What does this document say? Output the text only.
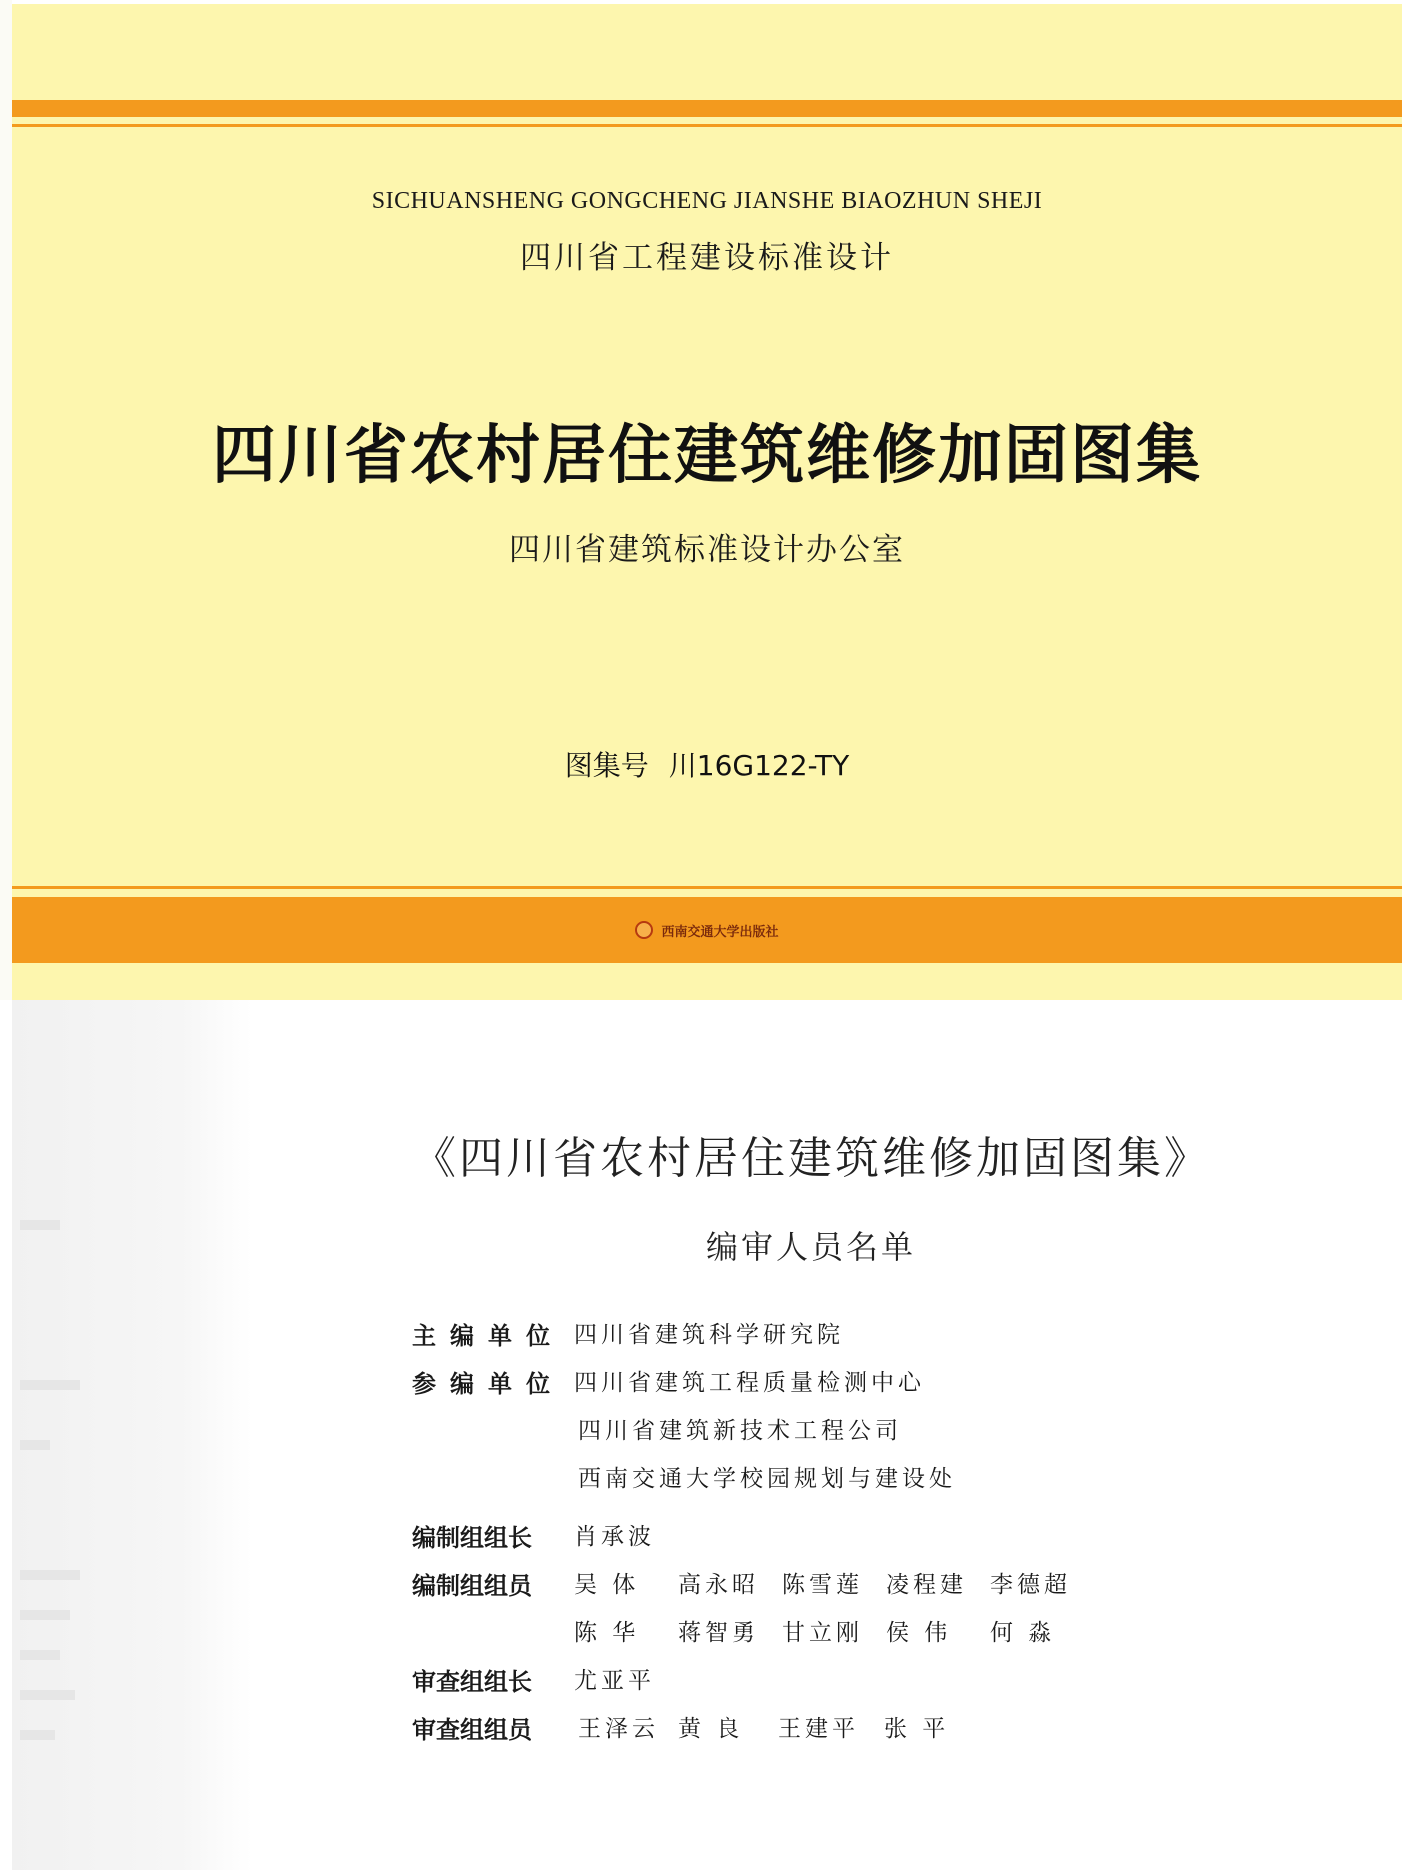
SICHUANSHENG GONGCHENG JIANSHE BIAOZHUN SHEJI
四川省工程建设标准设计
四川省农村居住建筑维修加固图集
四川省建筑标准设计办公室
图集号 川16G122-TY
西南交通大学出版社
《四川省农村居住建筑维修加固图集》
编审人员名单
主编单位 四川省建筑科学研究院
参编单位 四川省建筑工程质量检测中心
四川省建筑新技术工程公司
西南交通大学校园规划与建设处
编制组组长 肖承波
编制组组员 吴 体 高永昭 陈雪莲 凌程建 李德超
陈 华 蒋智勇 甘立刚 侯 伟 何 淼
审查组组长 尤亚平
审查组组员 王泽云 黄 良 王建平 张 平
